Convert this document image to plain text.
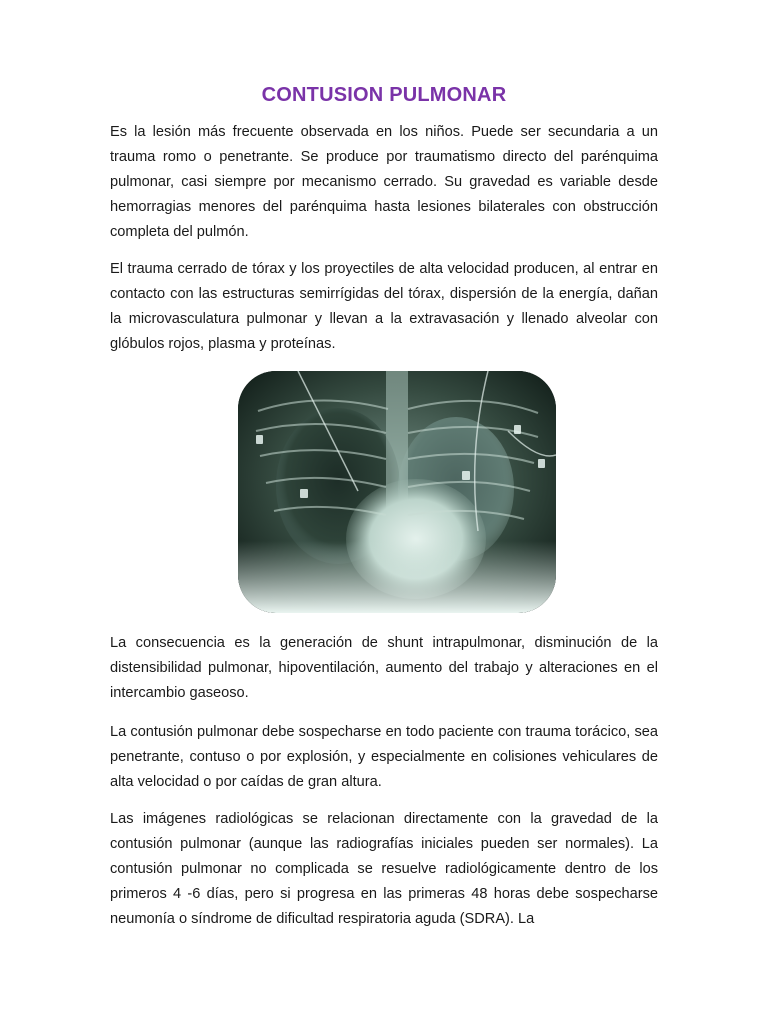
CONTUSION PULMONAR

Es la lesión más frecuente observada en los niños. Puede ser secundaria a un trauma romo o penetrante. Se produce por traumatismo directo del parénquima pulmonar, casi siempre por mecanismo cerrado. Su gravedad es variable desde hemorragias menores del parénquima hasta lesiones bilaterales con obstrucción completa del pulmón.

El trauma cerrado de tórax y los proyectiles de alta velocidad producen, al entrar en contacto con las estructuras semirrígidas del tórax, dispersión de la energía, dañan la microvasculatura pulmonar y llevan a la extravasación y llenado alveolar con glóbulos rojos, plasma y proteínas.

La consecuencia es la generación de shunt intrapulmonar, disminución de la distensibilidad pulmonar, hipoventilación, aumento del trabajo y alteraciones en el intercambio gaseoso.

La contusión pulmonar debe sospecharse en todo paciente con trauma torácico, sea penetrante, contuso o por explosión, y especialmente en colisiones vehiculares de alta velocidad o por caídas de gran altura.

Las imágenes radiológicas se relacionan directamente con la gravedad de la contusión pulmonar (aunque las radiografías iniciales pueden ser normales). La contusión pulmonar no complicada se resuelve radiológicamente dentro de los primeros 4 -6 días, pero si progresa en las primeras 48 horas debe sospecharse neumonía o síndrome de dificultad respiratoria aguda (SDRA). La
